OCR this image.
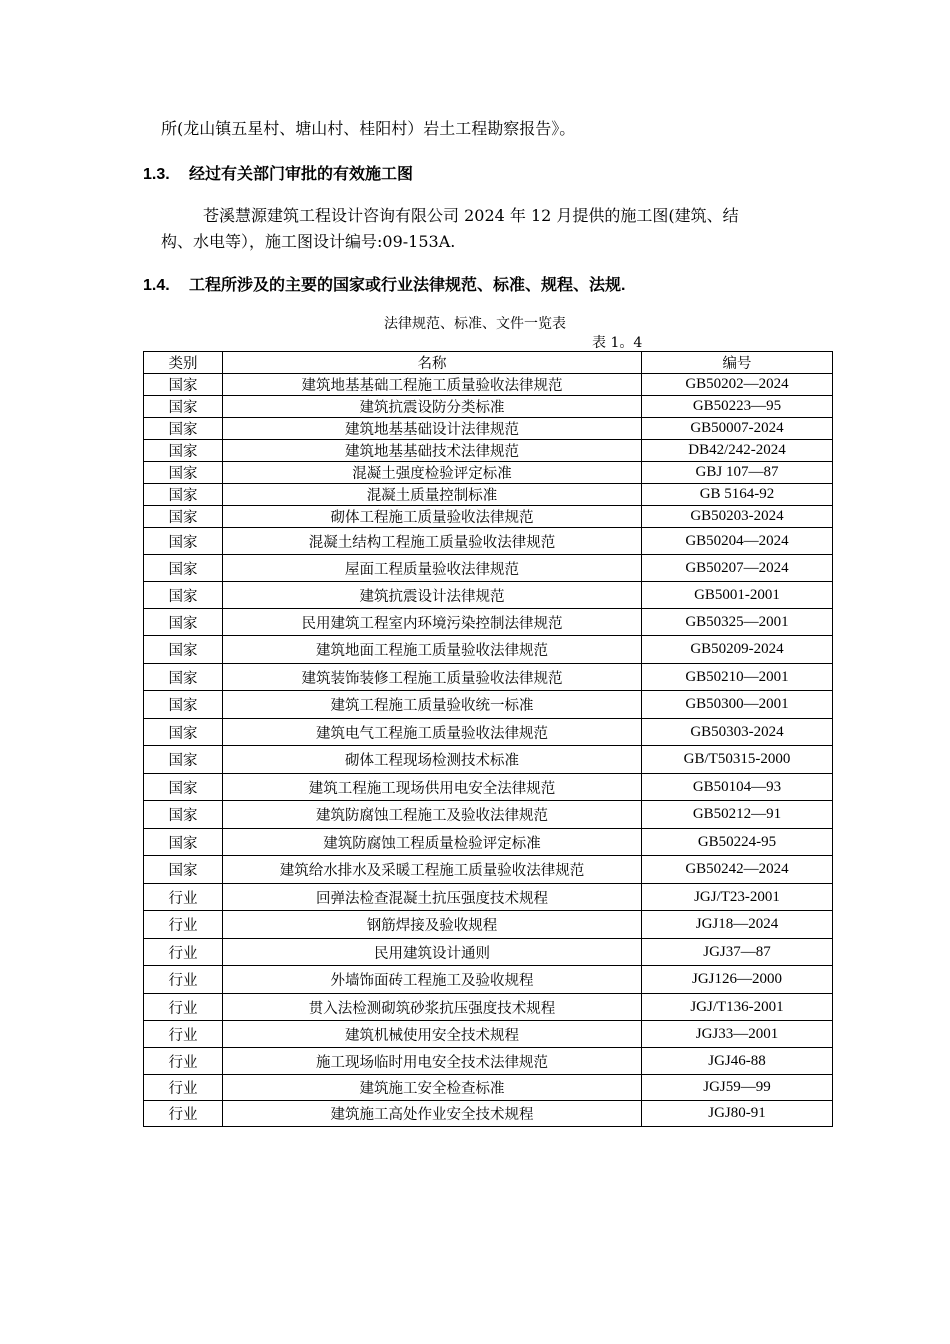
所(龙山镇五星村、塘山村、桂阳村）岩土工程勘察报告》。
1.3. 经过有关部门审批的有效施工图
苍溪慧源建筑工程设计咨询有限公司 2024 年 12 月提供的施工图(建筑、结
构、水电等），施工图设计编号:09-153A.
1.4. 工程所涉及的主要的国家或行业法律规范、标准、规程、法规.
法律规范、标准、文件一览表
表 1。4
类别	名称	编号
国家	建筑地基基础工程施工质量验收法律规范	GB50202—2024
国家	建筑抗震设防分类标准	GB50223—95
国家	建筑地基基础设计法律规范	GB50007-2024
国家	建筑地基基础技术法律规范	DB42/242-2024
国家	混凝土强度检验评定标准	GBJ 107—87
国家	混凝土质量控制标准	GB 5164-92
国家	砌体工程施工质量验收法律规范	GB50203-2024
国家	混凝土结构工程施工质量验收法律规范	GB50204—2024
国家	屋面工程质量验收法律规范	GB50207—2024
国家	建筑抗震设计法律规范	GB5001-2001
国家	民用建筑工程室内环境污染控制法律规范	GB50325—2001
国家	建筑地面工程施工质量验收法律规范	GB50209-2024
国家	建筑装饰装修工程施工质量验收法律规范	GB50210—2001
国家	建筑工程施工质量验收统一标准	GB50300—2001
国家	建筑电气工程施工质量验收法律规范	GB50303-2024
国家	砌体工程现场检测技术标准	GB/T50315-2000
国家	建筑工程施工现场供用电安全法律规范	GB50104—93
国家	建筑防腐蚀工程施工及验收法律规范	GB50212—91
国家	建筑防腐蚀工程质量检验评定标准	GB50224-95
国家	建筑给水排水及采暖工程施工质量验收法律规范	GB50242—2024
行业	回弹法检查混凝土抗压强度技术规程	JGJ/T23-2001
行业	钢筋焊接及验收规程	JGJ18—2024
行业	民用建筑设计通则	JGJ37—87
行业	外墙饰面砖工程施工及验收规程	JGJ126—2000
行业	贯入法检测砌筑砂浆抗压强度技术规程	JGJ/T136-2001
行业	建筑机械使用安全技术规程	JGJ33—2001
行业	施工现场临时用电安全技术法律规范	JGJ46-88
行业	建筑施工安全检查标准	JGJ59—99
行业	建筑施工高处作业安全技术规程	JGJ80-91
